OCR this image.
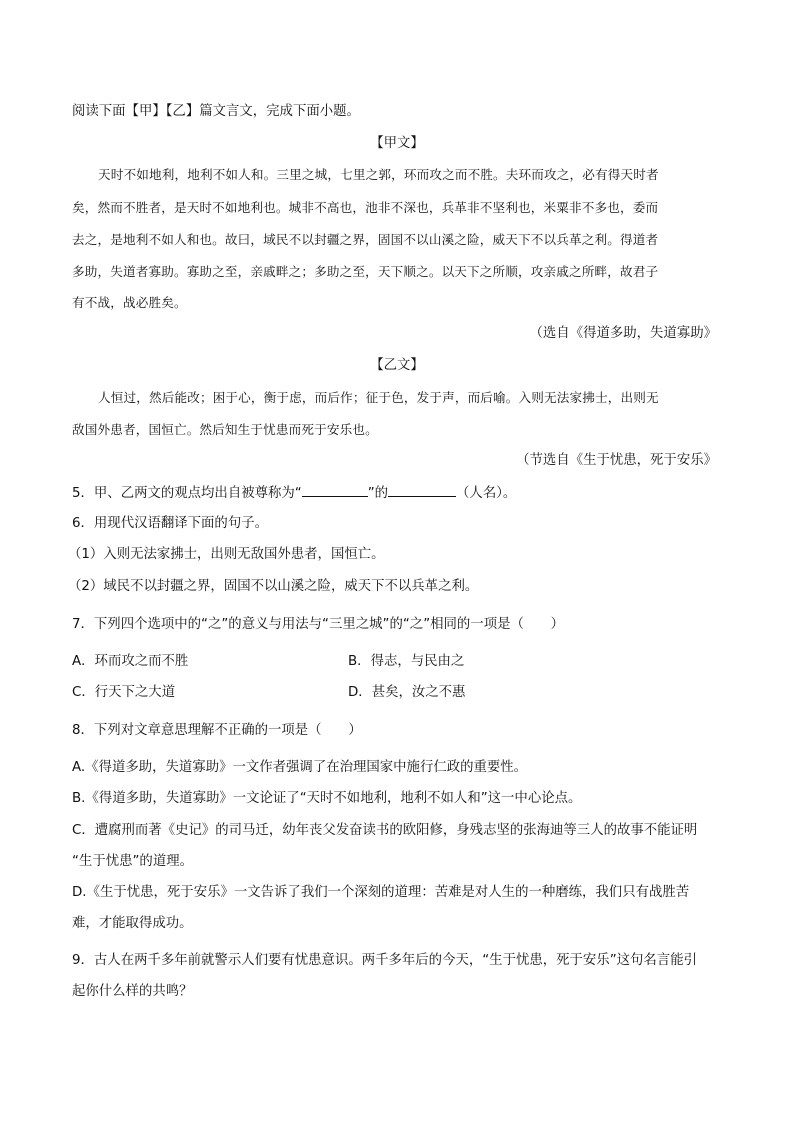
阅读下面【甲】【乙】篇文言文，完成下面小题。
【甲文】
天时不如地利，地利不如人和。三里之城，七里之郭，环而攻之而不胜。夫环而攻之，必有得天时者
矣，然而不胜者，是天时不如地利也。城非不高也，池非不深也，兵革非不坚利也，米粟非不多也，委而
去之，是地利不如人和也。故曰，域民不以封疆之界，固国不以山溪之险，威天下不以兵革之利。得道者
多助，失道者寡助。寡助之至，亲戚畔之；多助之至，天下顺之。以天下之所顺，攻亲戚之所畔，故君子
有不战，战必胜矣。
（选自《得道多助，失道寡助》
【乙文】
人恒过，然后能改；困于心，衡于虑，而后作；征于色，发于声，而后喻。入则无法家拂士，出则无
敌国外患者，国恒亡。然后知生于忧患而死于安乐也。
（节选自《生于忧患，死于安乐》
5．甲、乙两文的观点均出自被尊称为“	”的	（人名）。
6．用现代汉语翻译下面的句子。
（1）入则无法家拂士，出则无敌国外患者，国恒亡。
（2）域民不以封疆之界，固国不以山溪之险，威天下不以兵革之利。
7．下列四个选项中的“之”的意义与用法与“三里之城”的“之”相同的一项是（　　）
A．环而攻之而不胜	B．得志，与民由之
C．行天下之大道	D．甚矣，汝之不惠
8．下列对文章意思理解不正确的一项是（　　）
A.《得道多助，失道寡助》一文作者强调了在治理国家中施行仁政的重要性。
B.《得道多助，失道寡助》一文论证了“天时不如地利，地利不如人和”这一中心论点。
C．遭腐刑而著《史记》的司马迁，幼年丧父发奋读书的欧阳修，身残志坚的张海迪等三人的故事不能证明
“生于忧患”的道理。
D.《生于忧患，死于安乐》一文告诉了我们一个深刻的道理：苦难是对人生的一种磨练，我们只有战胜苦
难，才能取得成功。
9．古人在两千多年前就警示人们要有忧患意识。两千多年后的今天，“生于忧患，死于安乐”这句名言能引
起你什么样的共鸣？
